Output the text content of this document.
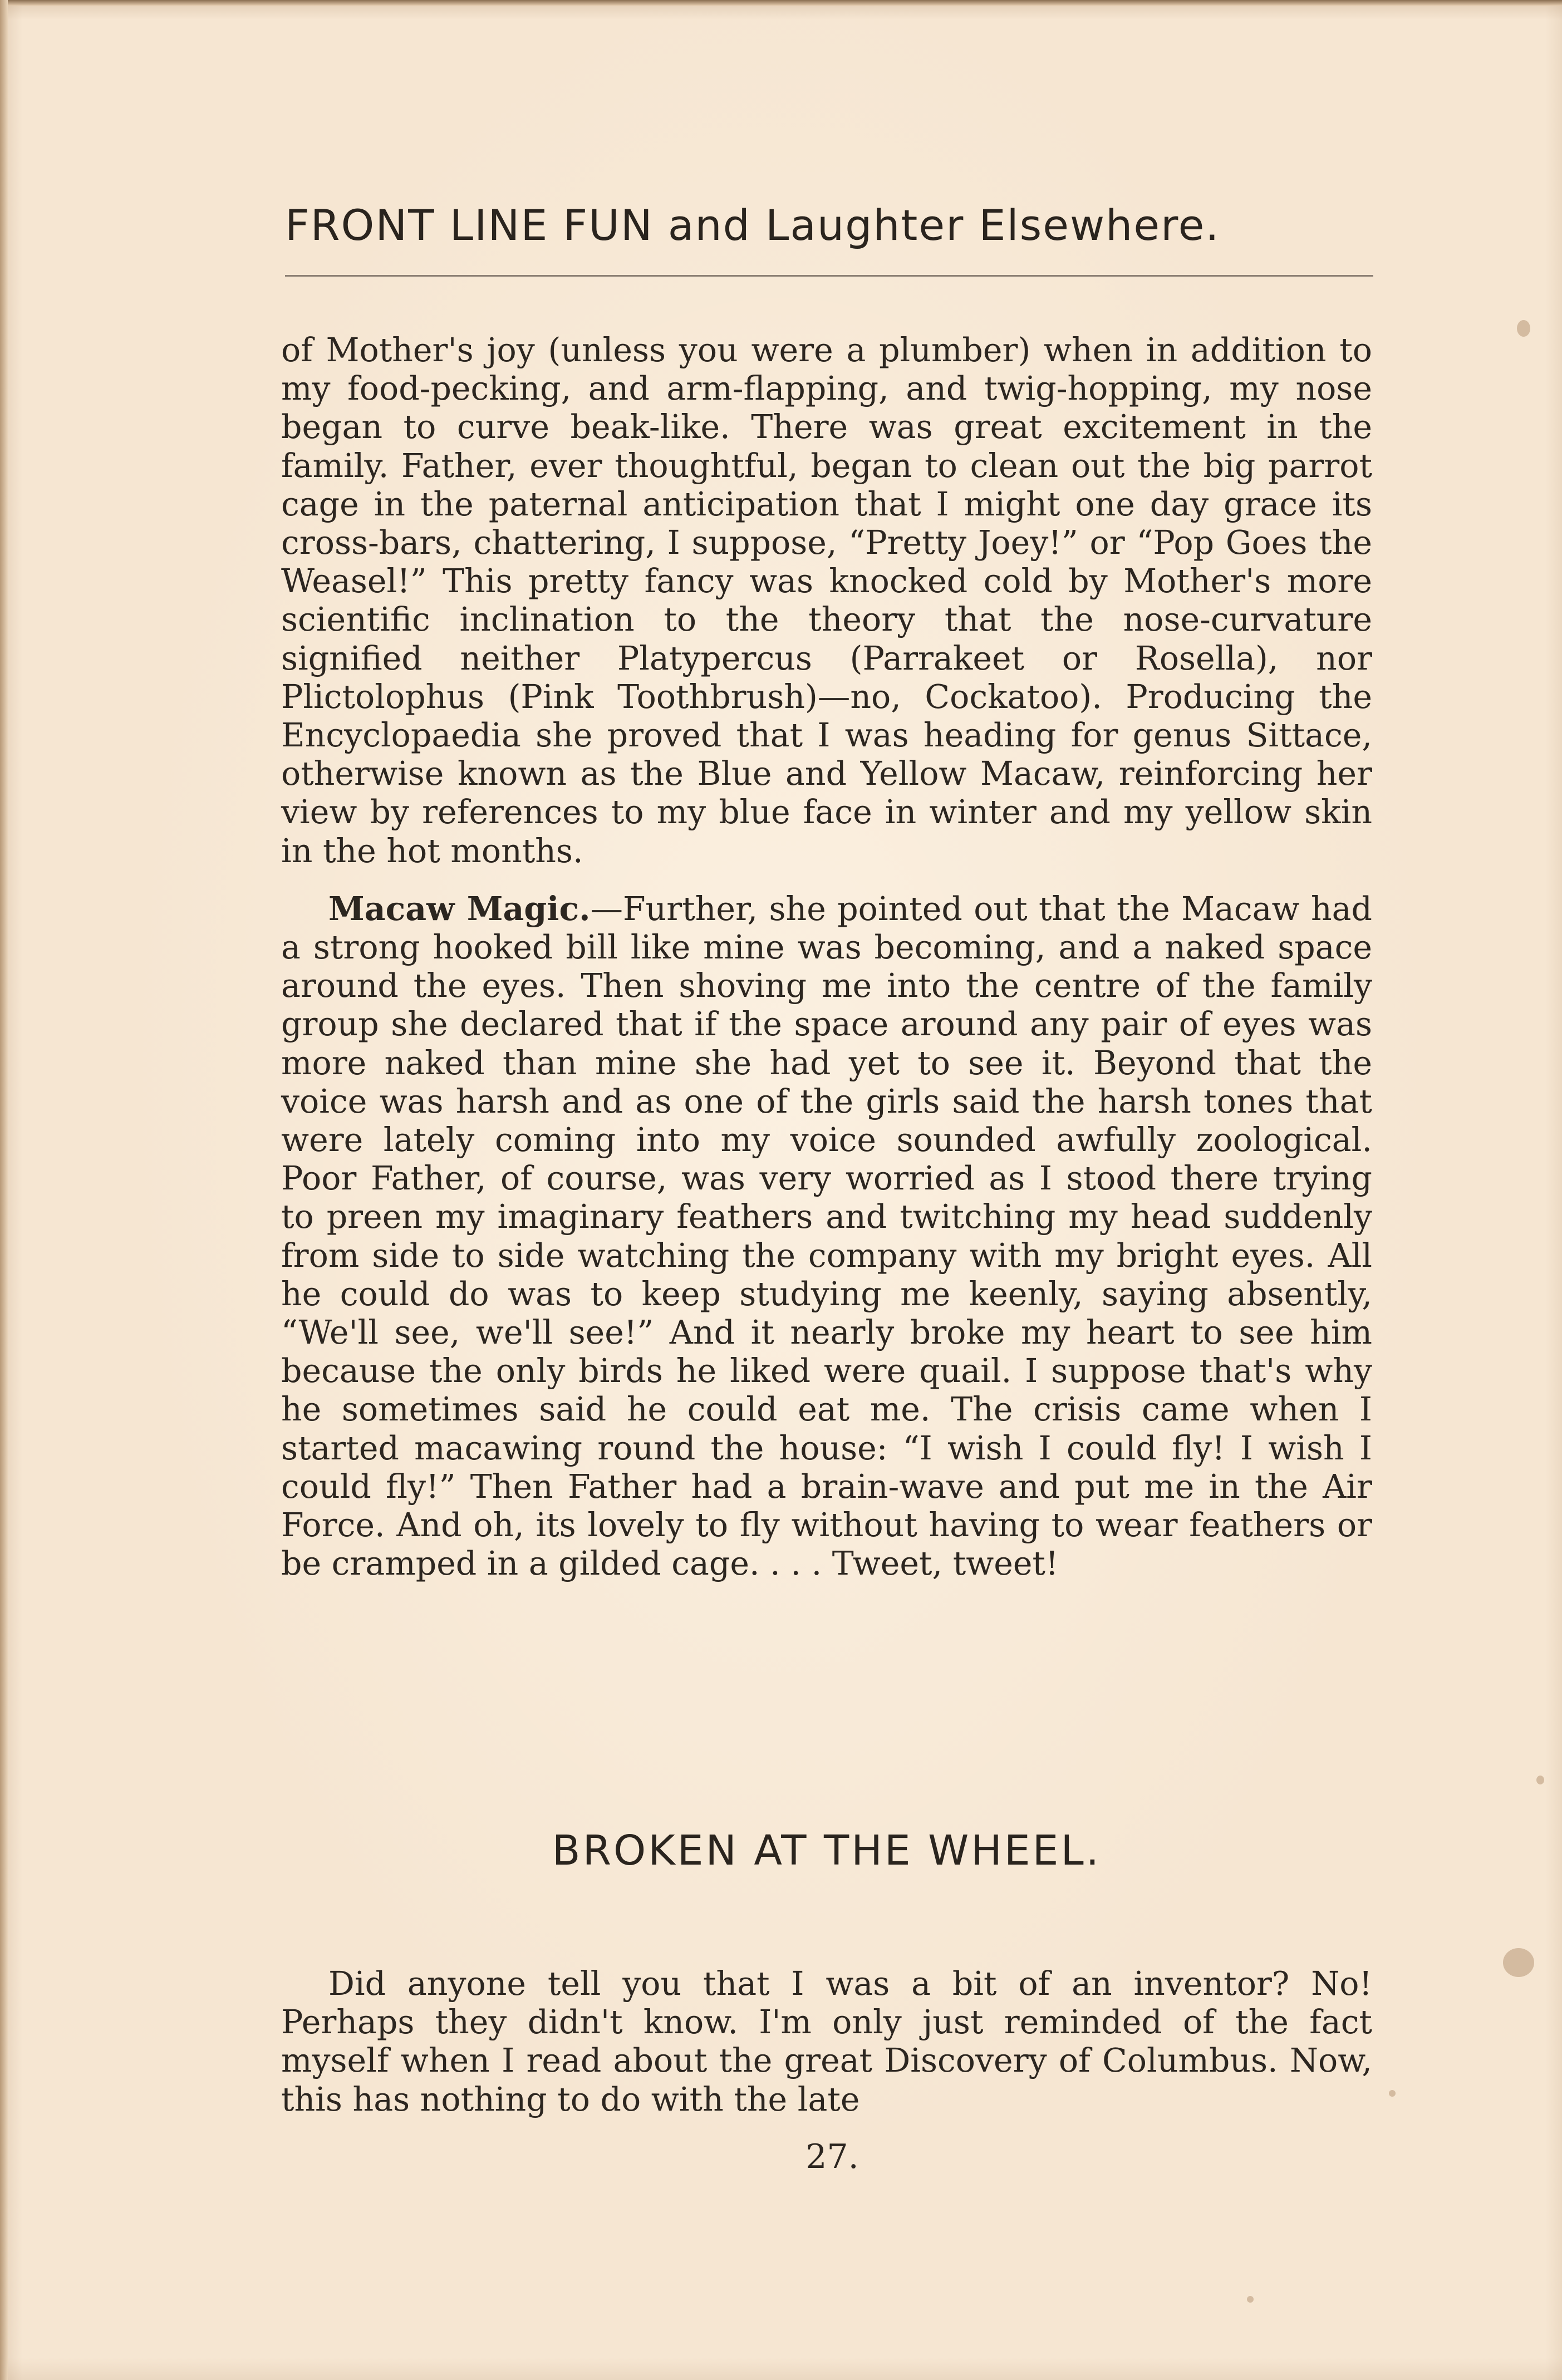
FRONT LINE FUN and Laughter Elsewhere.

of Mother's joy (unless you were a plumber) when in addition to my food-pecking, and arm-flapping, and twig-hopping, my nose began to curve beak-like. There was great excitement in the family. Father, ever thoughtful, began to clean out the big parrot cage in the paternal anticipation that I might one day grace its cross-bars, chattering, I suppose, “Pretty Joey!” or “Pop Goes the Weasel!” This pretty fancy was knocked cold by Mother's more scientific inclination to the theory that the nose-curvature signified neither Platypercus (Parrakeet or Rosella), nor Plictolophus (Pink Toothbrush)—no, Cockatoo). Producing the Encyclopaedia she proved that I was heading for genus Sittace, otherwise known as the Blue and Yellow Macaw, reinforcing her view by references to my blue face in winter and my yellow skin in the hot months.

Macaw Magic.—Further, she pointed out that the Macaw had a strong hooked bill like mine was becoming, and a naked space around the eyes. Then shoving me into the centre of the family group she declared that if the space around any pair of eyes was more naked than mine she had yet to see it. Beyond that the voice was harsh and as one of the girls said the harsh tones that were lately coming into my voice sounded awfully zoological. Poor Father, of course, was very worried as I stood there trying to preen my imaginary feathers and twitching my head suddenly from side to side watching the company with my bright eyes. All he could do was to keep studying me keenly, saying absently, “We'll see, we'll see!” And it nearly broke my heart to see him because the only birds he liked were quail. I suppose that's why he sometimes said he could eat me. The crisis came when I started macawing round the house: “I wish I could fly! I wish I could fly!” Then Father had a brain-wave and put me in the Air Force. And oh, its lovely to fly without having to wear feathers or be cramped in a gilded cage. . . . Tweet, tweet!

BROKEN AT THE WHEEL.

Did anyone tell you that I was a bit of an inventor? No! Perhaps they didn't know. I'm only just reminded of the fact myself when I read about the great Discovery of Columbus. Now, this has nothing to do with the late

27.
